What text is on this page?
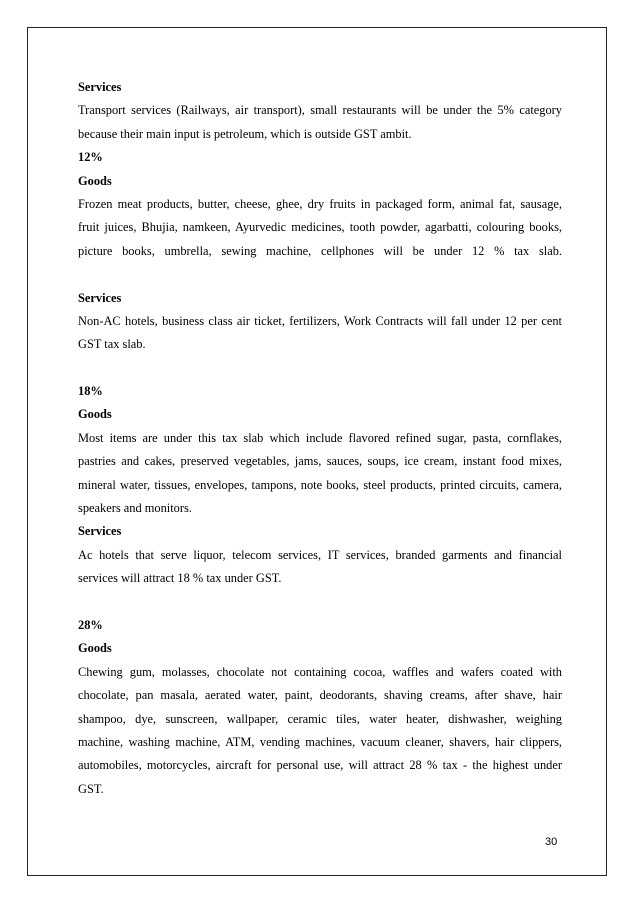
Services
Transport services (Railways, air transport), small restaurants will be under the 5% category
because their main input is petroleum, which is outside GST ambit.
12%
Goods
Frozen meat products, butter, cheese, ghee, dry fruits in packaged form, animal fat, sausage,
fruit juices, Bhujia, namkeen, Ayurvedic medicines, tooth powder, agarbatti, colouring books,
picture books, umbrella, sewing machine, cellphones will be under 12 % tax slab.
Services
Non-AC hotels, business class air ticket, fertilizers, Work Contracts will fall under 12 per cent
GST tax slab.
18%
Goods
Most items are under this tax slab which include flavored refined sugar, pasta, cornflakes,
pastries and cakes, preserved vegetables, jams, sauces, soups, ice cream, instant food mixes,
mineral water, tissues, envelopes, tampons, note books, steel products, printed circuits, camera,
speakers and monitors.
Services
Ac hotels that serve liquor, telecom services, IT services, branded garments and financial
services will attract 18 % tax under GST.
28%
Goods
Chewing gum, molasses, chocolate not containing cocoa, waffles and wafers coated with
chocolate, pan masala, aerated water, paint, deodorants, shaving creams, after shave, hair
shampoo, dye, sunscreen, wallpaper, ceramic tiles, water heater, dishwasher, weighing
machine, washing machine, ATM, vending machines, vacuum cleaner, shavers, hair clippers,
automobiles, motorcycles, aircraft for personal use, will attract 28 % tax - the highest under
GST.
30
